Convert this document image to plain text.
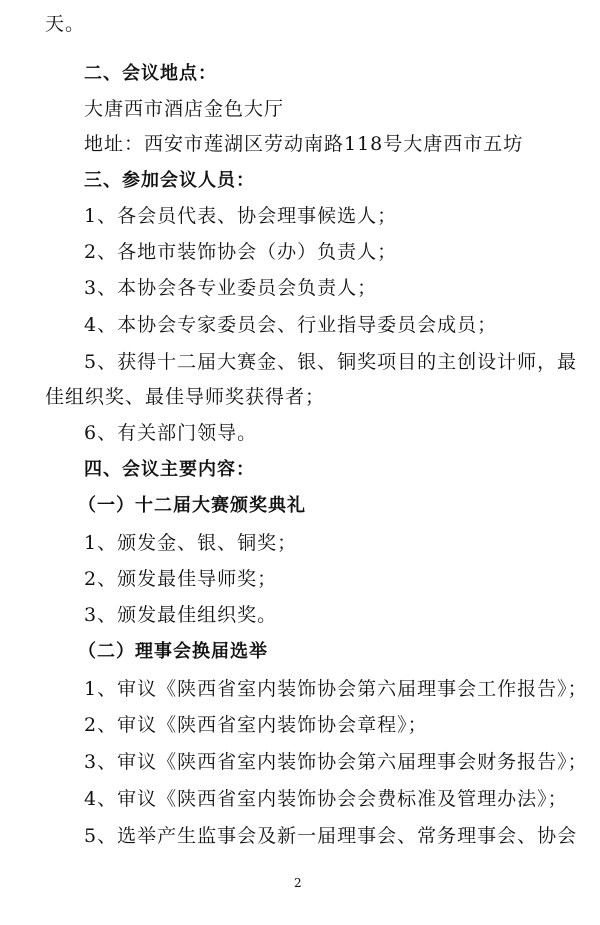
天。
二、会议地点：
大唐西市酒店金色大厅
地址：西安市莲湖区劳动南路118号大唐西市五坊
三、参加会议人员：
1、各会员代表、协会理事候选人；
2、各地市装饰协会（办）负责人；
3、本协会各专业委员会负责人；
4、本协会专家委员会、行业指导委员会成员；
5、获得十二届大赛金、银、铜奖项目的主创设计师，最
佳组织奖、最佳导师奖获得者；
6、有关部门领导。
四、会议主要内容：
（一）十二届大赛颁奖典礼
1、颁发金、银、铜奖；
2、颁发最佳导师奖；
3、颁发最佳组织奖。
（二）理事会换届选举
1、审议《陕西省室内装饰协会第六届理事会工作报告》；
2、审议《陕西省室内装饰协会章程》；
3、审议《陕西省室内装饰协会第六届理事会财务报告》；
4、审议《陕西省室内装饰协会会费标准及管理办法》；
5、选举产生监事会及新一届理事会、常务理事会、协会
2
